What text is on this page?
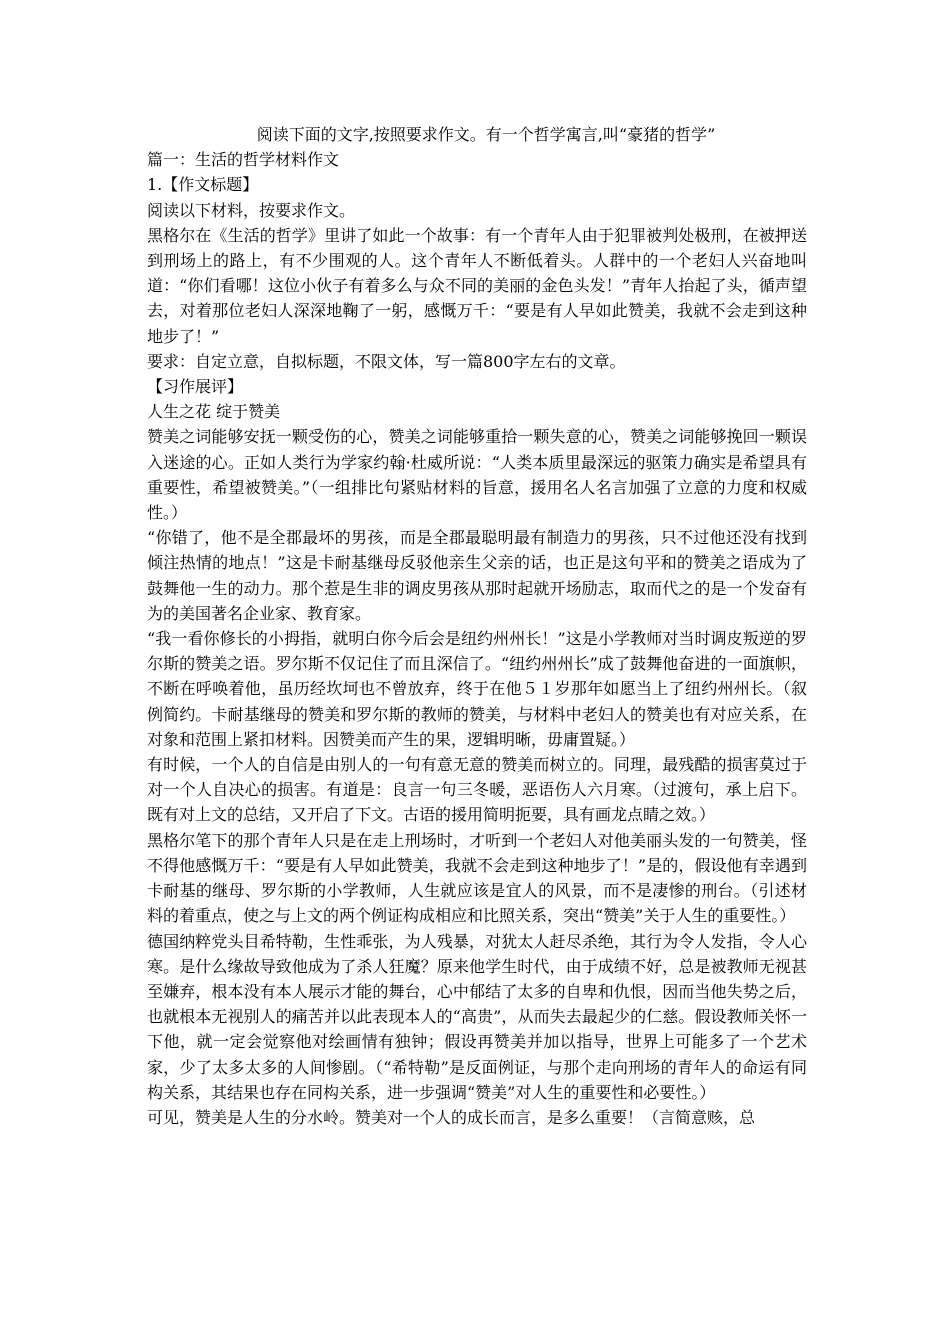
阅读下面的文字,按照要求作文。有一个哲学寓言,叫“豪猪的哲学”

篇一：生活的哲学材料作文

1.【作文标题】

阅读以下材料，按要求作文。

黑格尔在《生活的哲学》里讲了如此一个故事：有一个青年人由于犯罪被判处极刑，在被押送到刑场上的路上，有不少围观的人。这个青年人不断低着头。人群中的一个老妇人兴奋地叫道：“你们看哪！这位小伙子有着多么与众不同的美丽的金色头发！”青年人抬起了头，循声望去，对着那位老妇人深深地鞠了一躬，感慨万千：“要是有人早如此赞美，我就不会走到这种地步了！”

要求：自定立意，自拟标题，不限文体，写一篇800字左右的文章。

【习作展评】

人生之花 绽于赞美

赞美之词能够安抚一颗受伤的心，赞美之词能够重拾一颗失意的心，赞美之词能够挽回一颗误入迷途的心。正如人类行为学家约翰·杜威所说：“人类本质里最深远的驱策力确实是希望具有重要性，希望被赞美。”（一组排比句紧贴材料的旨意，援用名人名言加强了立意的力度和权威性。）

“你错了，他不是全郡最坏的男孩，而是全郡最聪明最有制造力的男孩，只不过他还没有找到倾注热情的地点！”这是卡耐基继母反驳他亲生父亲的话，也正是这句平和的赞美之语成为了鼓舞他一生的动力。那个惹是生非的调皮男孩从那时起就开场励志，取而代之的是一个发奋有为的美国著名企业家、教育家。

“我一看你修长的小拇指，就明白你今后会是纽约州州长！”这是小学教师对当时调皮叛逆的罗尔斯的赞美之语。罗尔斯不仅记住了而且深信了。“纽约州州长”成了鼓舞他奋进的一面旗帜，不断在呼唤着他，虽历经坎坷也不曾放弃，终于在他５１岁那年如愿当上了纽约州州长。（叙例简约。卡耐基继母的赞美和罗尔斯的教师的赞美，与材料中老妇人的赞美也有对应关系，在对象和范围上紧扣材料。因赞美而产生的果，逻辑明晰，毋庸置疑。）

有时候，一个人的自信是由别人的一句有意无意的赞美而树立的。同理，最残酷的损害莫过于对一个人自决心的损害。有道是：良言一句三冬暖，恶语伤人六月寒。（过渡句，承上启下。既有对上文的总结，又开启了下文。古语的援用简明扼要，具有画龙点睛之效。）

黑格尔笔下的那个青年人只是在走上刑场时，才听到一个老妇人对他美丽头发的一句赞美，怪不得他感慨万千：“要是有人早如此赞美，我就不会走到这种地步了！”是的，假设他有幸遇到卡耐基的继母、罗尔斯的小学教师，人生就应该是宜人的风景，而不是凄惨的刑台。（引述材料的着重点，使之与上文的两个例证构成相应和比照关系，突出“赞美”关于人生的重要性。）

德国纳粹党头目希特勒，生性乖张，为人残暴，对犹太人赶尽杀绝，其行为令人发指，令人心寒。是什么缘故导致他成为了杀人狂魔？原来他学生时代，由于成绩不好，总是被教师无视甚至嫌弃，根本没有本人展示才能的舞台，心中郁结了太多的自卑和仇恨，因而当他失势之后，也就根本无视别人的痛苦并以此表现本人的“高贵”，从而失去最起少的仁慈。假设教师关怀一下他，就一定会觉察他对绘画情有独钟；假设再赞美并加以指导，世界上可能多了一个艺术家，少了太多太多的人间惨剧。（“希特勒”是反面例证，与那个走向刑场的青年人的命运有同构关系，其结果也存在同构关系，进一步强调“赞美”对人生的重要性和必要性。）

可见，赞美是人生的分水岭。赞美对一个人的成长而言，是多么重要！（言简意赅，总
